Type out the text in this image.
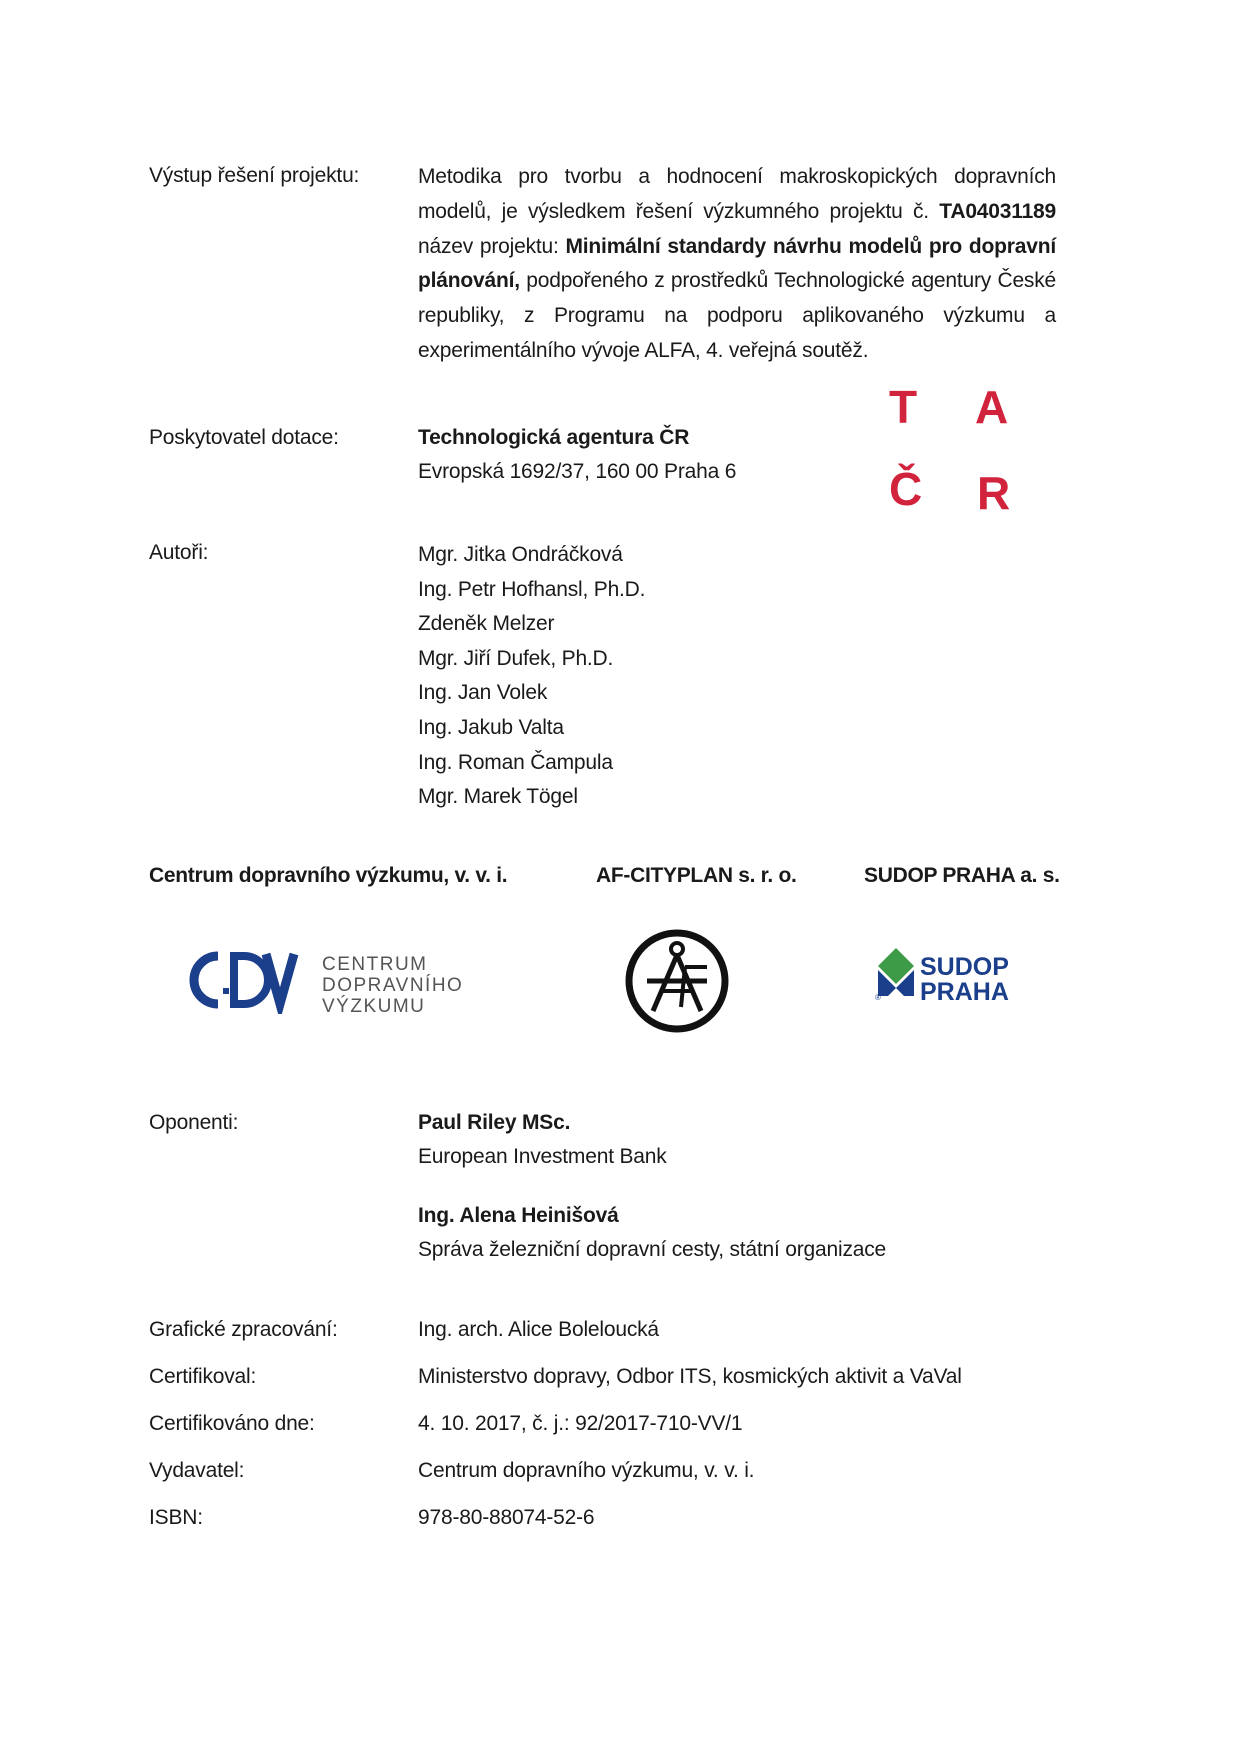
Výstup řešení projektu:	Metodika pro tvorbu a hodnocení makroskopických dopravních modelů, je výsledkem řešení výzkumného projektu č. TA04031189 název projektu: Minimální standardy návrhu modelů pro dopravní plánování, podpořeného z prostředků Technologické agentury České republiky, z Programu na podporu aplikovaného výzkumu a experimentálního vývoje ALFA, 4. veřejná soutěž.
Poskytovatel dotace:	Technologická agentura ČR
Evropská 1692/37, 160 00 Praha 6
T A
Č R
Autoři:	Mgr. Jitka Ondráčková
Ing. Petr Hofhansl, Ph.D.
Zdeněk Melzer
Mgr. Jiří Dufek, Ph.D.
Ing. Jan Volek
Ing. Jakub Valta
Ing. Roman Čampula
Mgr. Marek Tögel
Centrum dopravního výzkumu, v. v. i.	AF-CITYPLAN s. r. o.	SUDOP PRAHA a. s.
CENTRUM
DOPRAVNÍHO
VÝZKUMU	®
SUDOP
PRAHA
Oponenti:	Paul Riley MSc.
European Investment Bank
Ing. Alena Heinišová
Správa železniční dopravní cesty, státní organizace
Grafické zpracování:	Ing. arch. Alice Boleloucká
Certifikoval:	Ministerstvo dopravy, Odbor ITS, kosmických aktivit a VaVal
Certifikováno dne:	4. 10. 2017, č. j.: 92/2017-710-VV/1
Vydavatel:	Centrum dopravního výzkumu, v. v. i.
ISBN:	978-80-88074-52-6
